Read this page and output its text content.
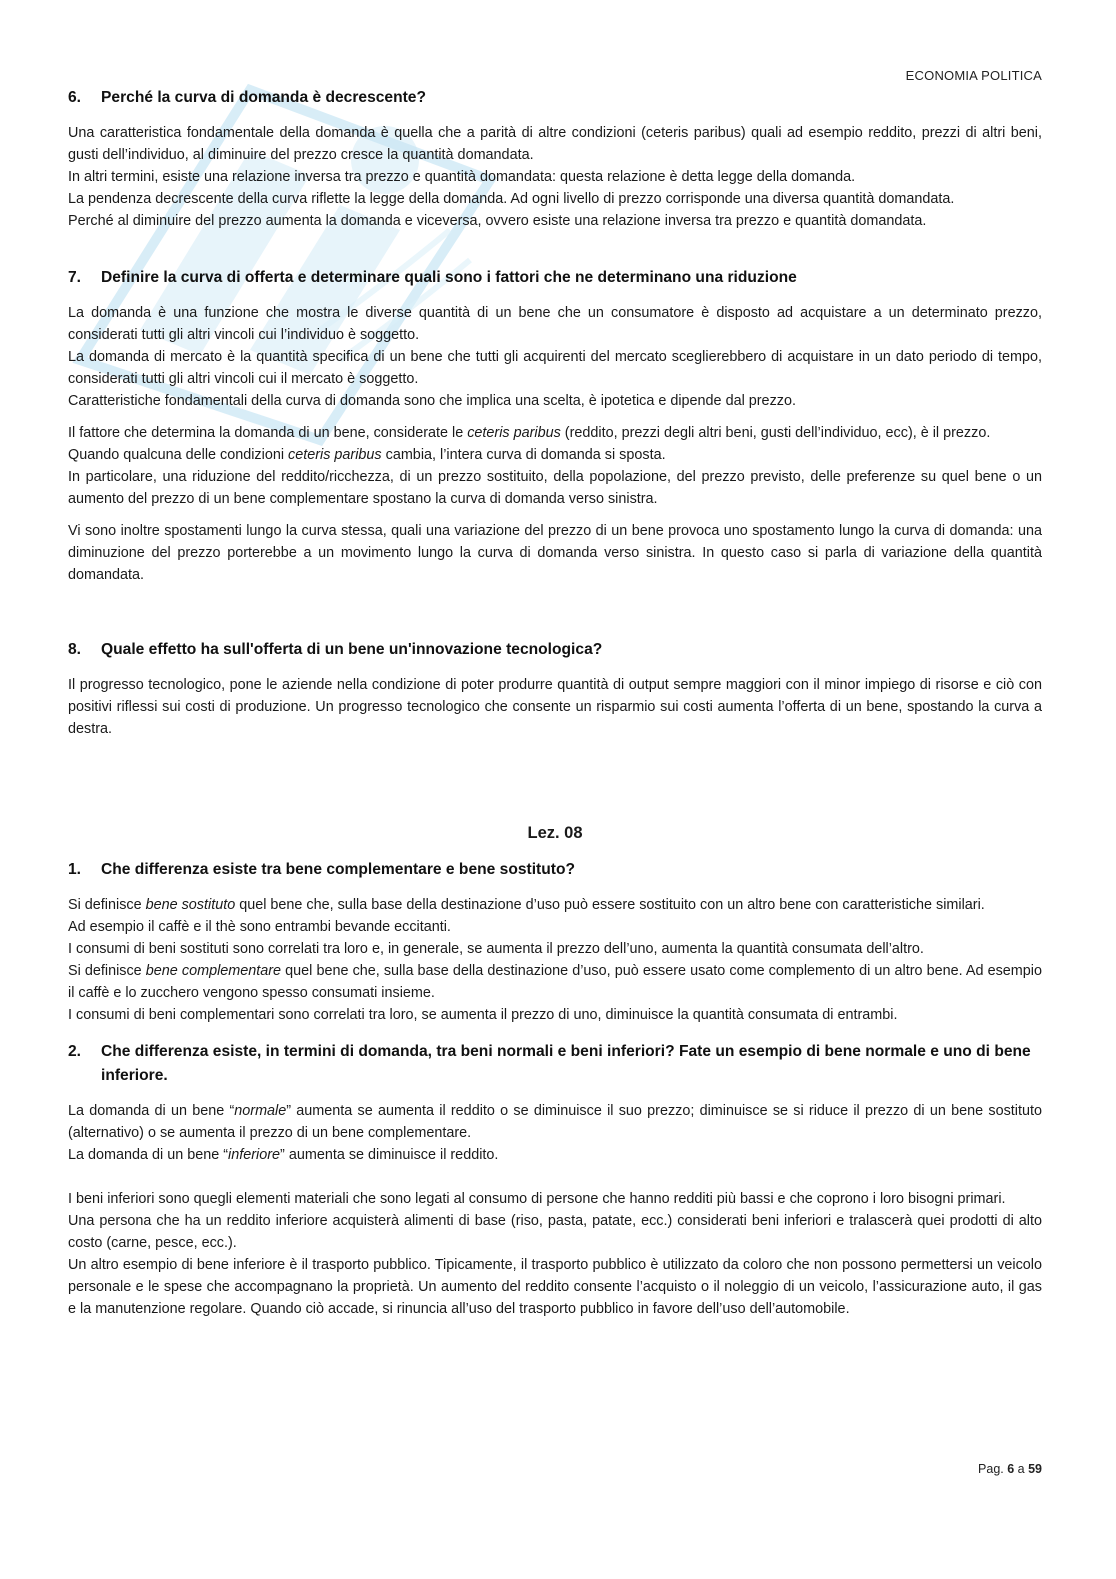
ECONOMIA POLITICA
6.	Perché la curva di domanda è decrescente?

Una caratteristica fondamentale della domanda è quella che a parità di altre condizioni (ceteris paribus) quali ad esempio reddito, prezzi di altri beni, gusti dell’individuo, al diminuire del prezzo cresce la quantità domandata.

In altri termini, esiste una relazione inversa tra prezzo e quantità domandata: questa relazione è detta legge della domanda.

La pendenza decrescente della curva riflette la legge della domanda. Ad ogni livello di prezzo corrisponde una diversa quantità domandata.

Perché al diminuire del prezzo aumenta la domanda e viceversa, ovvero esiste una relazione inversa tra prezzo e quantità domandata.

7.	Definire la curva di offerta e determinare quali sono i fattori che ne determinano una riduzione

La domanda è una funzione che mostra le diverse quantità di un bene che un consumatore è disposto ad acquistare a un determinato prezzo, considerati tutti gli altri vincoli cui l’individuo è soggetto.

La domanda di mercato è la quantità specifica di un bene che tutti gli acquirenti del mercato sceglierebbero di acquistare in un dato periodo di tempo, considerati tutti gli altri vincoli cui il mercato è soggetto.

Caratteristiche fondamentali della curva di domanda sono che implica una scelta, è ipotetica e dipende dal prezzo.

Il fattore che determina la domanda di un bene, considerate le ceteris paribus (reddito, prezzi degli altri beni, gusti dell’individuo, ecc), è il prezzo.

Quando qualcuna delle condizioni ceteris paribus cambia, l’intera curva di domanda si sposta.

In particolare, una riduzione del reddito/ricchezza, di un prezzo sostituito, della popolazione, del prezzo previsto, delle preferenze su quel bene o un aumento del prezzo di un bene complementare spostano la curva di domanda verso sinistra.

Vi sono inoltre spostamenti lungo la curva stessa, quali una variazione del prezzo di un bene provoca uno spostamento lungo la curva di domanda: una diminuzione del prezzo porterebbe a un movimento lungo la curva di domanda verso sinistra. In questo caso si parla di variazione della quantità domandata.

8.	Quale effetto ha sull'offerta di un bene un'innovazione tecnologica?

Il progresso tecnologico, pone le aziende nella condizione di poter produrre quantità di output sempre maggiori con il minor impiego di risorse e ciò con positivi riflessi sui costi di produzione. Un progresso tecnologico che consente un risparmio sui costi aumenta l’offerta di un bene, spostando la curva a destra.

Lez. 08
1.	Che differenza esiste tra bene complementare e bene sostituto?

Si definisce bene sostituto quel bene che, sulla base della destinazione d’uso può essere sostituito con un altro bene con caratteristiche similari.

Ad esempio il caffè e il thè sono entrambi bevande eccitanti.

I consumi di beni sostituti sono correlati tra loro e, in generale, se aumenta il prezzo dell’uno, aumenta la quantità consumata dell’altro.

Si definisce bene complementare quel bene che, sulla base della destinazione d’uso, può essere usato come complemento di un altro bene. Ad esempio il caffè e lo zucchero vengono spesso consumati insieme.

I consumi di beni complementari sono correlati tra loro, se aumenta il prezzo di uno, diminuisce la quantità consumata di entrambi.

2.	Che differenza esiste, in termini di domanda, tra beni normali e beni inferiori? Fate un esempio di bene normale e uno di bene inferiore.

La domanda di un bene “normale” aumenta se aumenta il reddito o se diminuisce il suo prezzo; diminuisce se si riduce il prezzo di un bene sostituto (alternativo) o se aumenta il prezzo di un bene complementare.

La domanda di un bene “inferiore” aumenta se diminuisce il reddito.

I beni inferiori sono quegli elementi materiali che sono legati al consumo di persone che hanno redditi più bassi e che coprono i loro bisogni primari.

Una persona che ha un reddito inferiore acquisterà alimenti di base (riso, pasta, patate, ecc.) considerati beni inferiori e tralascerà quei prodotti di alto costo (carne, pesce, ecc.).

Un altro esempio di bene inferiore è il trasporto pubblico. Tipicamente, il trasporto pubblico è utilizzato da coloro che non possono permettersi un veicolo personale e le spese che accompagnano la proprietà. Un aumento del reddito consente l’acquisto o il noleggio di un veicolo, l’assicurazione auto, il gas e la manutenzione regolare. Quando ciò accade, si rinuncia all’uso del trasporto pubblico in favore dell’uso dell’automobile.

Pag. 6 a 59
